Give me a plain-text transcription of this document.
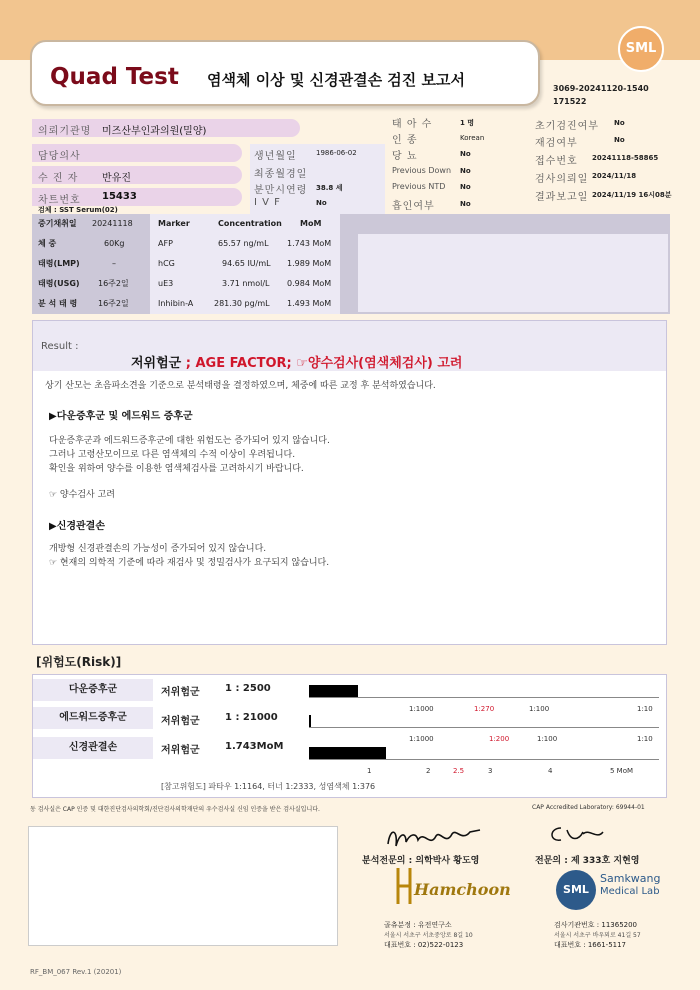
SML
Quad Test 염색체 이상 및 신경관결손 검진 보고서	3069-20241120-1540
171522
의뢰기관명 미즈산부인과의원(밀양)
담당의사
수 진 자 반유진
차트번호 15433
검체 : SST Serum(02)
생년월일	1986-06-02
최종월경일
분만시연령 38.8 세
I V F	No
태 아 수	1 명
인 종	Korean
당 뇨	No
Previous Down No
Previous NTD No
흡인여부	No
초기검진여부 No
재검여부	No
접수번호 20241118-58865
검사의뢰일 2024/11/18
결과보고일 2024/11/19 16시08분
중기채취일 20241118
체 중	60Kg
태령(LMP)	–
태령(USG) 16주2일
분 석 태 령	16주2일
Marker	Concentration MoM
AFP	65.57 ng/mL 1.743 MoM
hCG	94.65 IU/mL 1.989 MoM
uE3	3.71 nmol/L 0.984 MoM
Inhibin-A	281.30 pg/mL 1.493 MoM
Result :
저위험군 ; AGE FACTOR; ☞양수검사(염색체검사) 고려
상기 산모는 초음파소견을 기준으로 분석태령을 결정하였으며, 체중에 따른 교정 후 분석하였습니다.
▶다운증후군 및 에드워드 증후군
다운증후군과 에드워드증후군에 대한 위험도는 증가되어 있지 않습니다.
그러나 고령산모이므로 다른 염색체의 수적 이상이 우려됩니다.
확인을 위하여 양수를 이용한 염색체검사를 고려하시기 바랍니다.
☞ 양수검사 고려
▶신경관결손
개방형 신경관결손의 가능성이 증가되어 있지 않습니다.
☞ 현재의 의학적 기준에 따라 재검사 및 정밀검사가 요구되지 않습니다.
[위험도(Risk)]
다운증후군
에드워드증후군
신경관결손
저위험군	1 : 2500
저위험군	1 : 21000
저위험군	1.743MoM
1:1000	1:270	1:100	1:10
1:1000	1:200	1:100	1:10
1	2	2.5	3	4	5 MoM
[참고위험도] 파타우 1:1164, 터너 1:2333, 성염색체 1:376
동 검사실은 CAP 인증 및 대한진단검사의학회/진단검사의학재단의 우수검사실 신임 인증을 받은 검사실입니다.	CAP Accredited Laboratory: 69944-01
분석전문의 : 의학박사 황도영	전문의 : 제 333호 지현영
Hamchoon	SML
Samkwang
Medical Lab
골츄분정 : 유전연구소
서울시 서초구 서초중앙로 8길 10
대표번호 : 02)522-0123
검사기관번호 : 11365200
서울시 서초구 바우뫼로 41길 57
대표번호 : 1661-5117
RF_BM_067 Rev.1 (20201)
